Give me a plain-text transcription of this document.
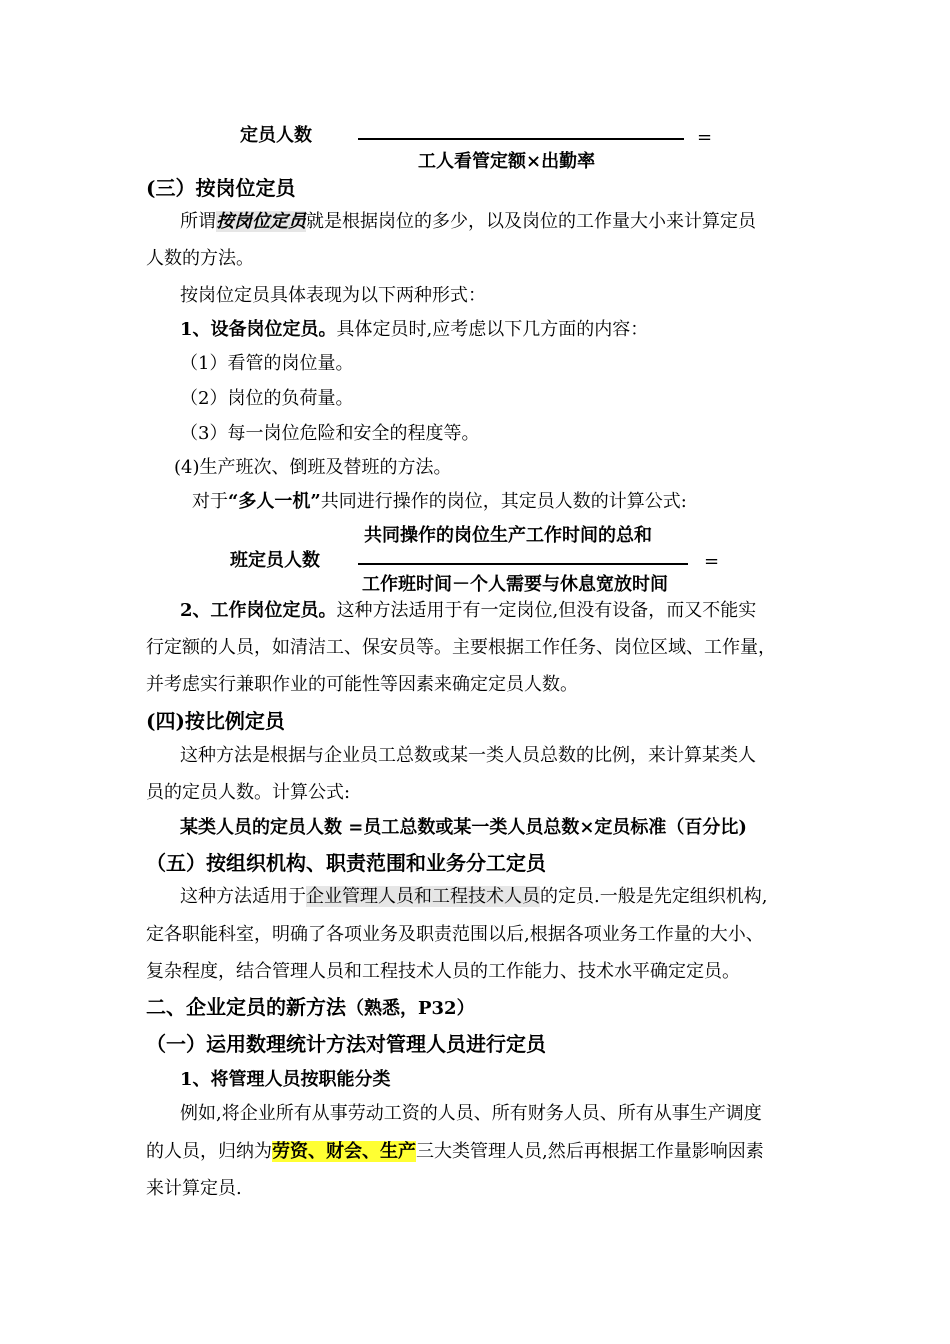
定员人数	=
工人看管定额×出勤率
(三）按岗位定员
所谓按岗位定员就是根据岗位的多少，以及岗位的工作量大小来计算定员
人数的方法。
按岗位定员具体表现为以下两种形式：
1、设备岗位定员。具体定员时,应考虑以下几方面的内容：
（1）看管的岗位量。
（2）岗位的负荷量。
（3）每一岗位危险和安全的程度等。
(4)生产班次、倒班及替班的方法。
对于“多人一机”共同进行操作的岗位，其定员人数的计算公式:
共同操作的岗位生产工作时间的总和
班定员人数	=
工作班时间－个人需要与休息宽放时间
2、工作岗位定员。这种方法适用于有一定岗位,但没有设备，而又不能实
行定额的人员，如清洁工、保安员等。主要根据工作任务、岗位区域、工作量，
并考虑实行兼职作业的可能性等因素来确定定员人数。
(四)按比例定员
这种方法是根据与企业员工总数或某一类人员总数的比例，来计算某类人
员的定员人数。计算公式:
某类人员的定员人数 =员工总数或某一类人员总数×定员标准（百分比)
（五）按组织机构、职责范围和业务分工定员
这种方法适用于企业管理人员和工程技术人员的定员.一般是先定组织机构,
定各职能科室，明确了各项业务及职责范围以后,根据各项业务工作量的大小、
复杂程度，结合管理人员和工程技术人员的工作能力、技术水平确定定员。
二、企业定员的新方法（熟悉，P32）
（一）运用数理统计方法对管理人员进行定员
1、将管理人员按职能分类
例如,将企业所有从事劳动工资的人员、所有财务人员、所有从事生产调度
的人员，归纳为劳资、财会、生产三大类管理人员,然后再根据工作量影响因素
来计算定员.
